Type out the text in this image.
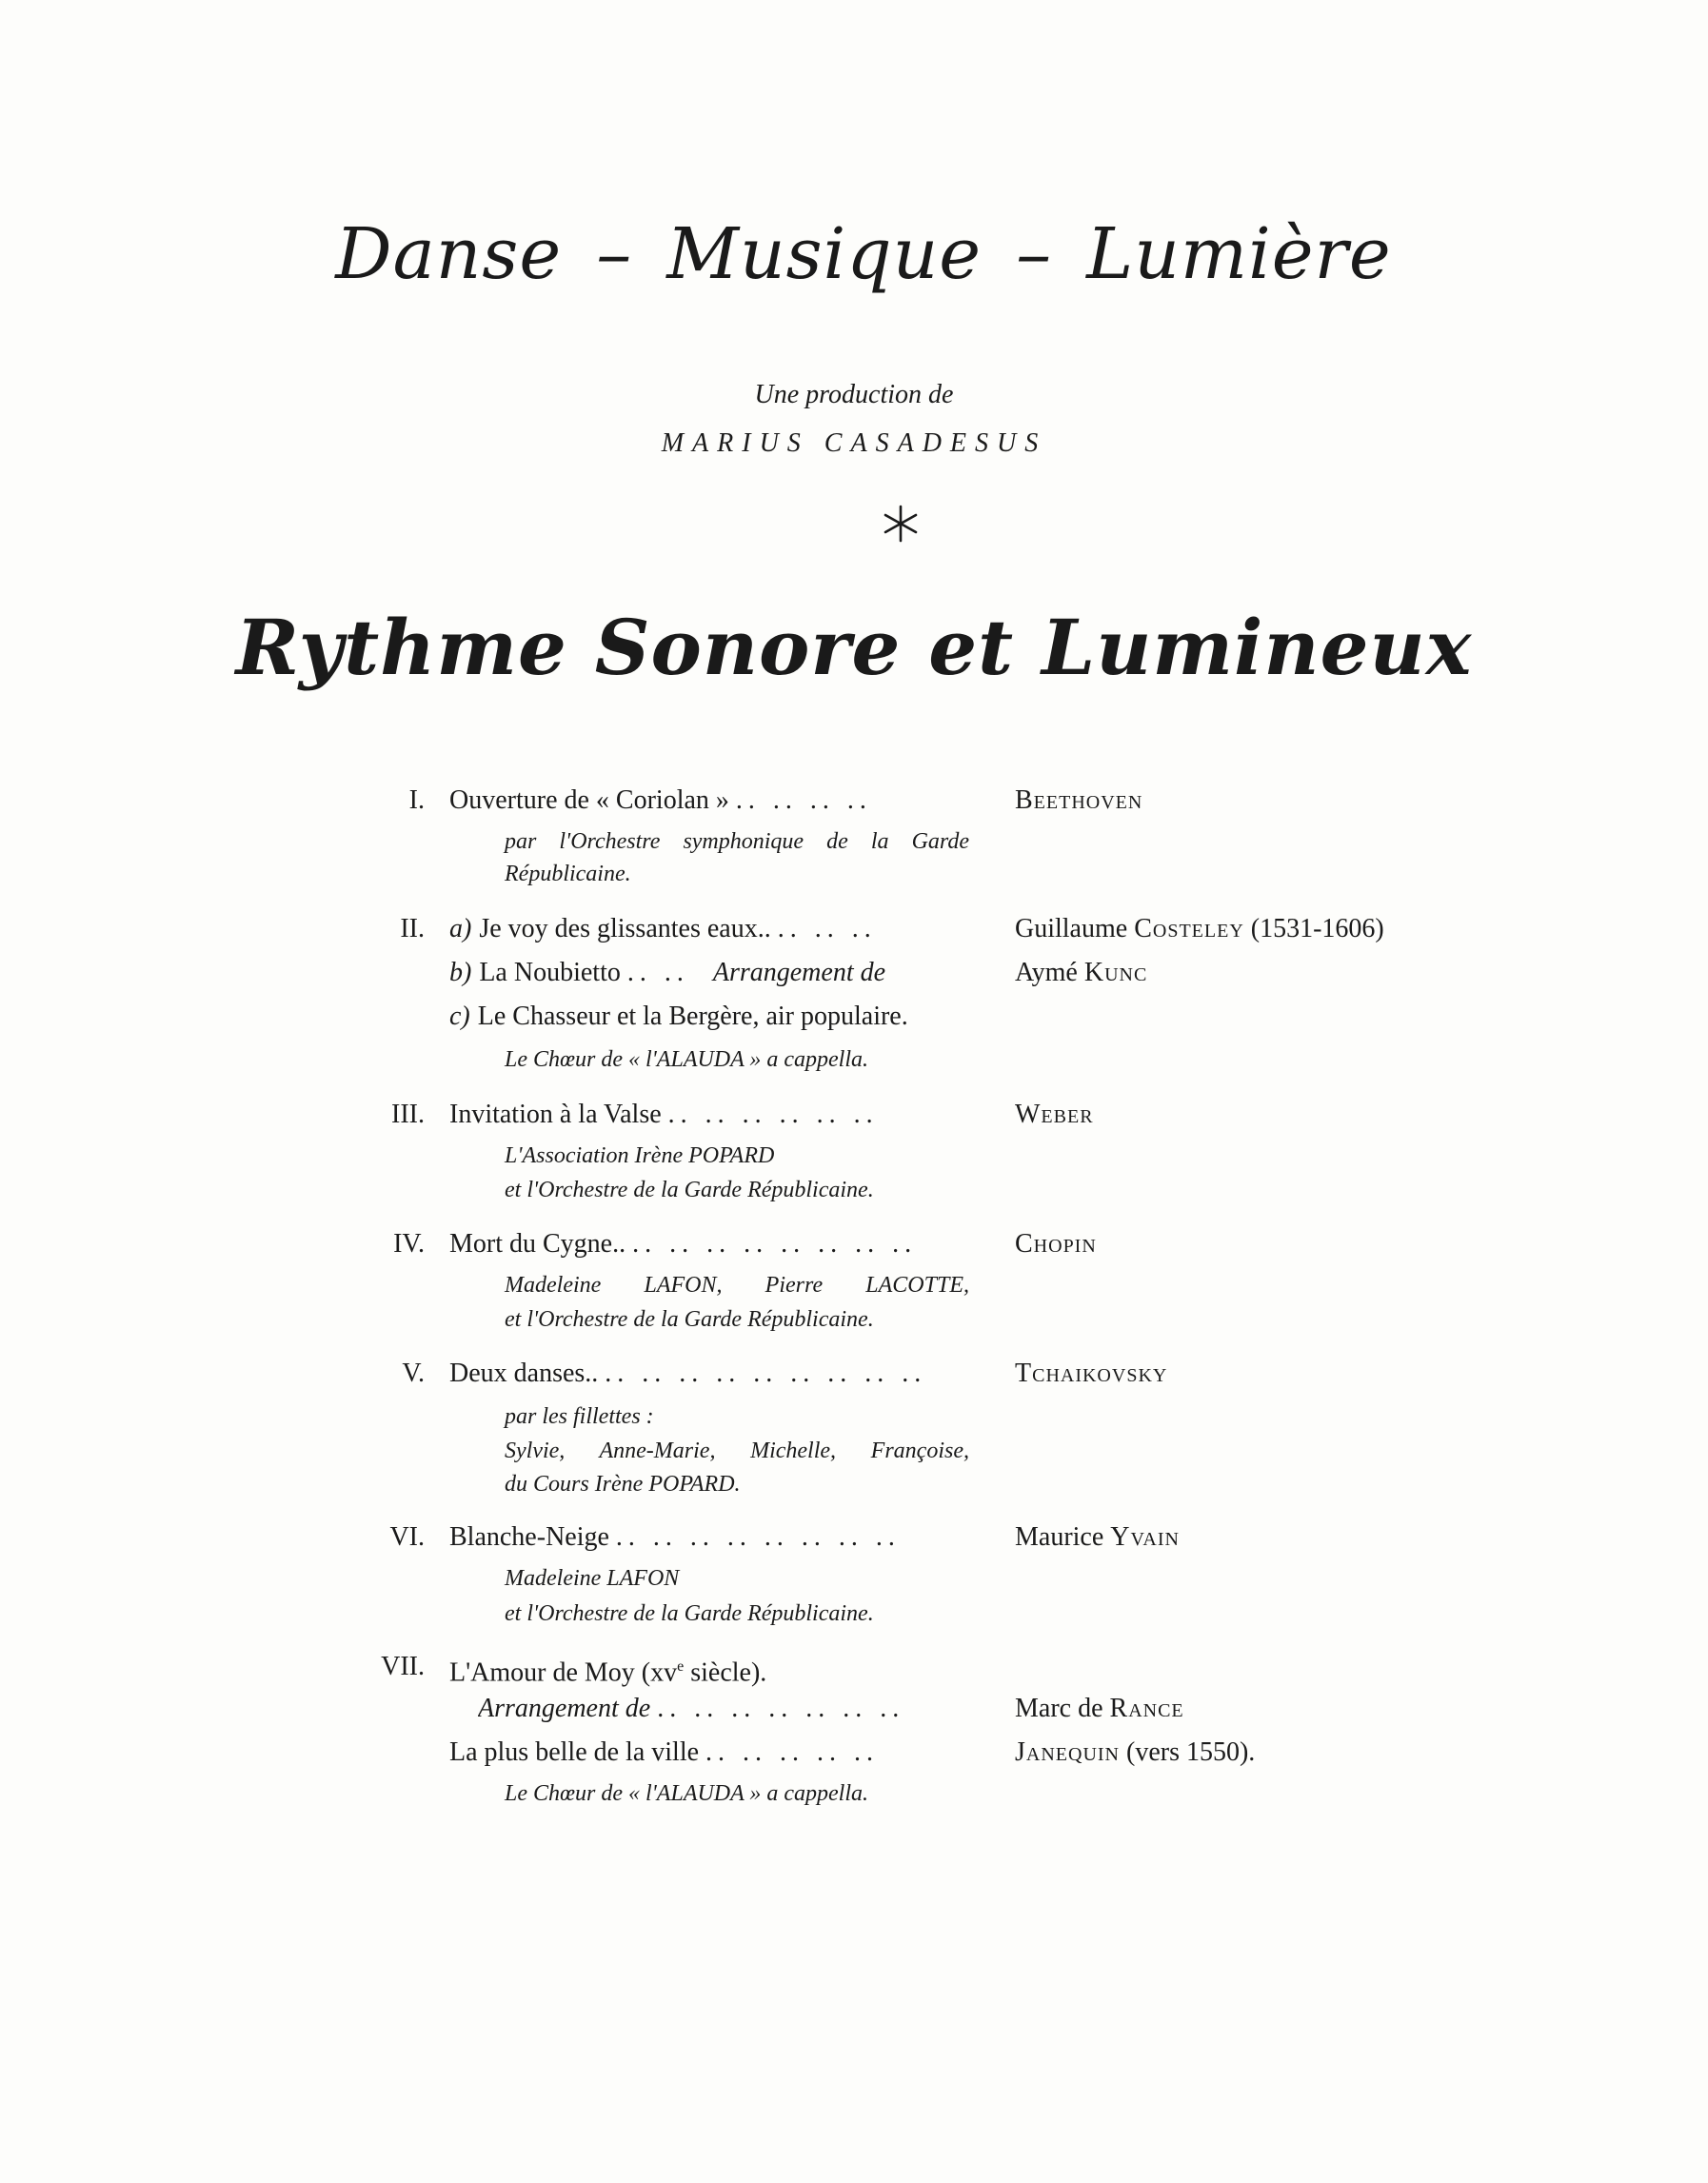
Danse – Musique – Lumière
Une production de
MARIUS CASADESUS
Rythme Sonore et Lumineux
I. Ouverture de « Coriolan » .. .. .. ..	Beethoven
par l'Orchestre symphonique de la Garde
Républicaine.
II. a) Je voy des glissantes eaux.. .. .. ..	Guillaume Costeley (1531-1606)
b) La Noubietto .. .. Arrangement de	Aymé Kunc
c) Le Chasseur et la Bergère, air populaire.
Le Chœur de « l'ALAUDA » a cappella.
III. Invitation à la Valse .. .. .. .. .. ..	Weber
L'Association Irène POPARD
et l'Orchestre de la Garde Républicaine.
IV. Mort du Cygne.. .. .. .. .. .. .. .. ..	Chopin
Madeleine LAFON, Pierre LACOTTE,
et l'Orchestre de la Garde Républicaine.
V. Deux danses.. .. .. .. .. .. .. .. .. ..	Tchaikovsky
par les fillettes :
Sylvie, Anne-Marie, Michelle, Françoise,
du Cours Irène POPARD.
VI. Blanche-Neige .. .. .. .. .. .. .. ..	Maurice Yvain
Madeleine LAFON
et l'Orchestre de la Garde Républicaine.
VII. L'Amour de Moy ($xv^e$ siècle).
Arrangement de .. .. .. .. .. .. ..	Marc de Rance
La plus belle de la ville .. .. .. .. ..	Janequin (vers 1550).
Le Chœur de « l'ALAUDA » a cappella.
